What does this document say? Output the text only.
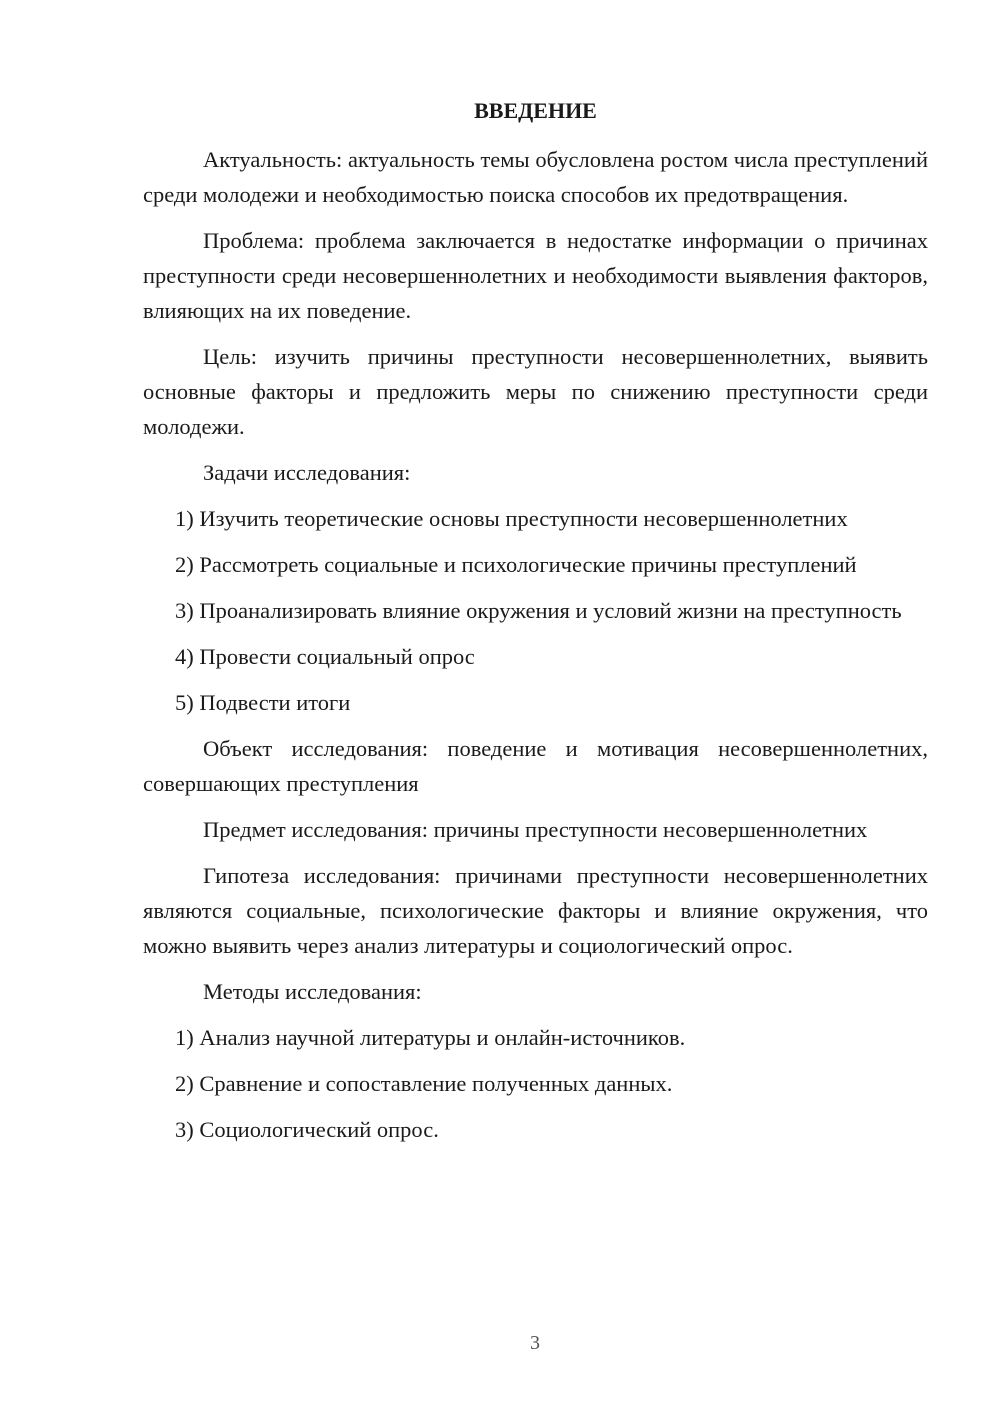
ВВЕДЕНИЕ

Актуальность: актуальность темы обусловлена ростом числа преступлений среди молодежи и необходимостью поиска способов их предотвращения.

Проблема: проблема заключается в недостатке информации о причинах преступности среди несовершеннолетних и необходимости выявления факторов, влияющих на их поведение.

Цель: изучить причины преступности несовершеннолетних, выявить основные факторы и предложить меры по снижению преступности среди молодежи.

Задачи исследования:

1) Изучить теоретические основы преступности несовершеннолетних

2) Рассмотреть социальные и психологические причины преступлений

3) Проанализировать влияние окружения и условий жизни на преступность

4) Провести социальный опрос

5) Подвести итоги

Объект исследования: поведение и мотивация несовершеннолетних, совершающих преступления

Предмет исследования: причины преступности несовершеннолетних

Гипотеза исследования: причинами преступности несовершеннолетних являются социальные, психологические факторы и влияние окружения, что можно выявить через анализ литературы и социологический опрос.

Методы исследования:

1) Анализ научной литературы и онлайн-источников.

2) Сравнение и сопоставление полученных данных.

3) Социологический опрос.

3
